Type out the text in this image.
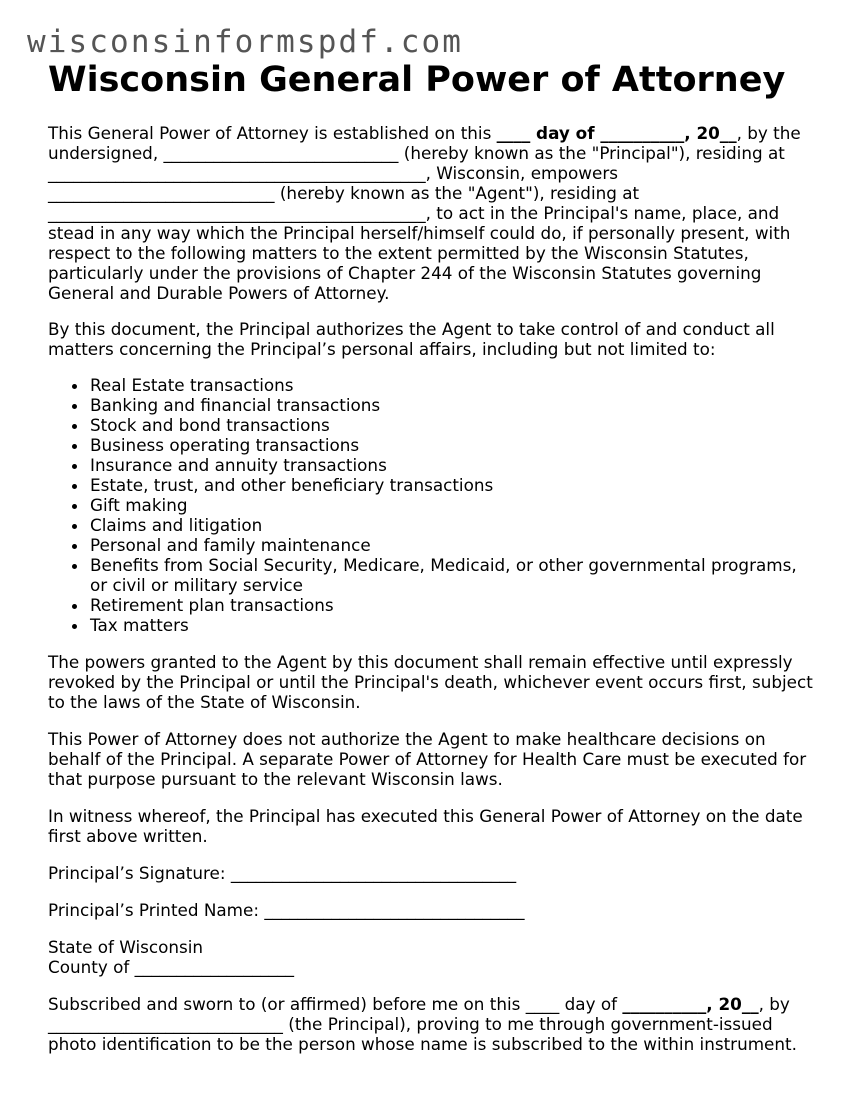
wisconsinformspdf.com
Wisconsin General Power of Attorney

This General Power of Attorney is established on this ____ day of __________, 20__, by the undersigned, ____________________________ (hereby known as the "Principal"), residing at _____________________________________________, Wisconsin, empowers ___________________________ (hereby known as the "Agent"), residing at _____________________________________________, to act in the Principal's name, place, and stead in any way which the Principal herself/himself could do, if personally present, with respect to the following matters to the extent permitted by the Wisconsin Statutes, particularly under the provisions of Chapter 244 of the Wisconsin Statutes governing General and Durable Powers of Attorney.

By this document, the Principal authorizes the Agent to take control of and conduct all matters concerning the Principal’s personal affairs, including but not limited to:

• Real Estate transactions
• Banking and financial transactions
• Stock and bond transactions
• Business operating transactions
• Insurance and annuity transactions
• Estate, trust, and other beneficiary transactions
• Gift making
• Claims and litigation
• Personal and family maintenance
• Benefits from Social Security, Medicare, Medicaid, or other governmental programs, or civil or military service
• Retirement plan transactions
• Tax matters

The powers granted to the Agent by this document shall remain effective until expressly revoked by the Principal or until the Principal's death, whichever event occurs first, subject to the laws of the State of Wisconsin.

This Power of Attorney does not authorize the Agent to make healthcare decisions on behalf of the Principal. A separate Power of Attorney for Health Care must be executed for that purpose pursuant to the relevant Wisconsin laws.

In witness whereof, the Principal has executed this General Power of Attorney on the date first above written.

Principal’s Signature: __________________________________

Principal’s Printed Name: _______________________________

State of Wisconsin

County of ___________________

Subscribed and sworn to (or affirmed) before me on this ____ day of __________, 20__, by ____________________________ (the Principal), proving to me through government-issued photo identification to be the person whose name is subscribed to the within instrument.
